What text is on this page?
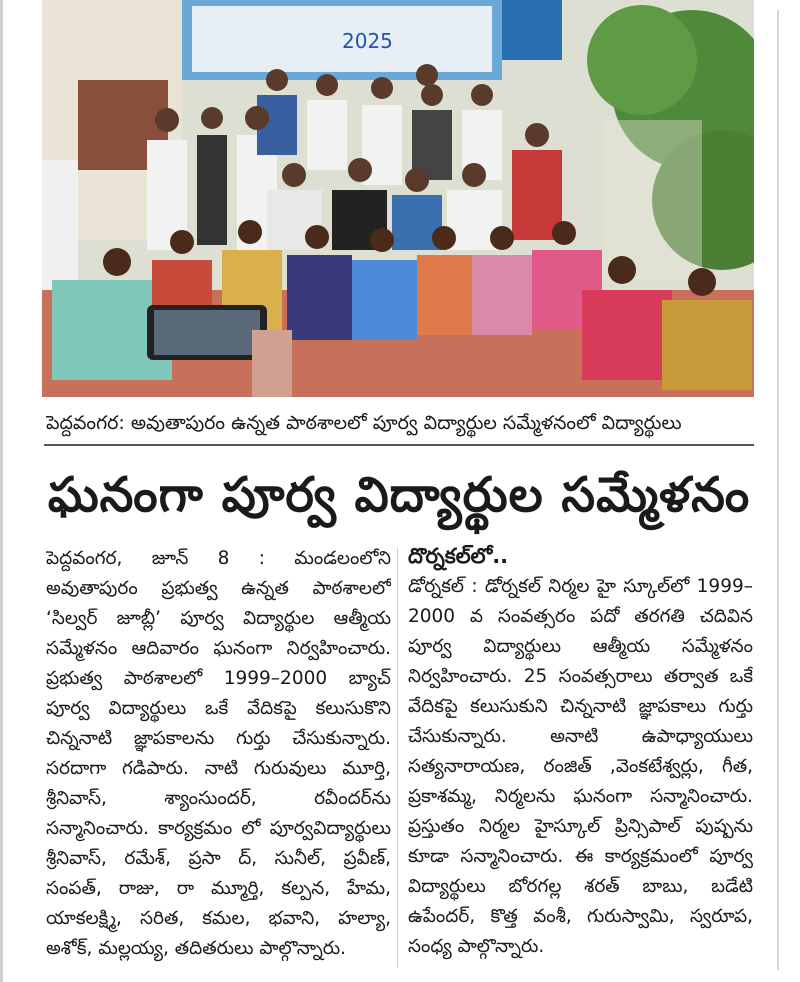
2025
పెద్దవంగర: అవుతాపురం ఉన్నత పాఠశాలలో పూర్వ విద్యార్థుల సమ్మేళనంలో విద్యార్థులు
ఘనంగా పూర్వ విద్యార్థుల సమ్మేళనం

పెద్దవంగర, జూన్ 8 : మండలంలోని అవుతాపురం ప్రభుత్వ ఉన్నత పాఠశాలలో ‘సిల్వర్ జూబ్లీ’ పూర్వ విద్యార్థుల ఆత్మీయ సమ్మేళనం ఆదివారం ఘనంగా నిర్వహించారు. ప్రభుత్వ పాఠశాలలో 1999–2000 బ్యాచ్ పూర్వ విద్యార్థులు ఒకే వేదికపై కలుసుకొని చిన్ననాటి జ్ఞాపకాలను గుర్తు చేసుకున్నారు. సరదాగా గడిపారు. నాటి గురువులు మూర్తి, శ్రీనివాస్, శ్యాంసుందర్, రవీందర్‌ను సన్మానించారు. కార్యక్రమం లో పూర్వవిద్యార్థులు శ్రీనివాస్, రమేశ్, ప్రసా ద్, సునీల్, ప్రవీణ్, సంపత్, రాజు, రా మ్మూర్తి, కల్పన, హేమ, యాకలక్ష్మి, సరిత, కమల, భవాని, హల్యా, అశోక్, మల్లయ్య, తదితరులు పాల్గొన్నారు.

దొర్నకల్‌లో..

డోర్నకల్ : డోర్నకల్ నిర్మల హై స్కూల్‌లో 1999–2000 వ సంవత్సరం పదో తరగతి చదివిన పూర్వ విద్యార్థులు ఆత్మీయ సమ్మేళనం నిర్వహించారు. 25 సంవత్సరాలు తర్వాత ఒకే వేదికపై కలుసుకుని చిన్ననాటి జ్ఞాపకాలు గుర్తు చేసుకున్నారు. అనాటి ఉపాధ్యాయులు సత్యనారాయణ, రంజిత్ ,వెంకటేశ్వర్లు, గీత, ప్రకాశమ్మ, నిర్మలను ఘనంగా సన్మానించారు. ప్రస్తుతం నిర్మల హైస్కూల్ ప్రిన్సిపాల్ పుష్పను కూడా సన్మానించారు. ఈ కార్యక్రమంలో పూర్వ విద్యార్థులు బోరగల్ల శరత్ బాబు, బడేటి ఉపేందర్, కొత్త వంశీ, గురుస్వామి, స్వరూప, సంధ్య పాల్గొన్నారు.
